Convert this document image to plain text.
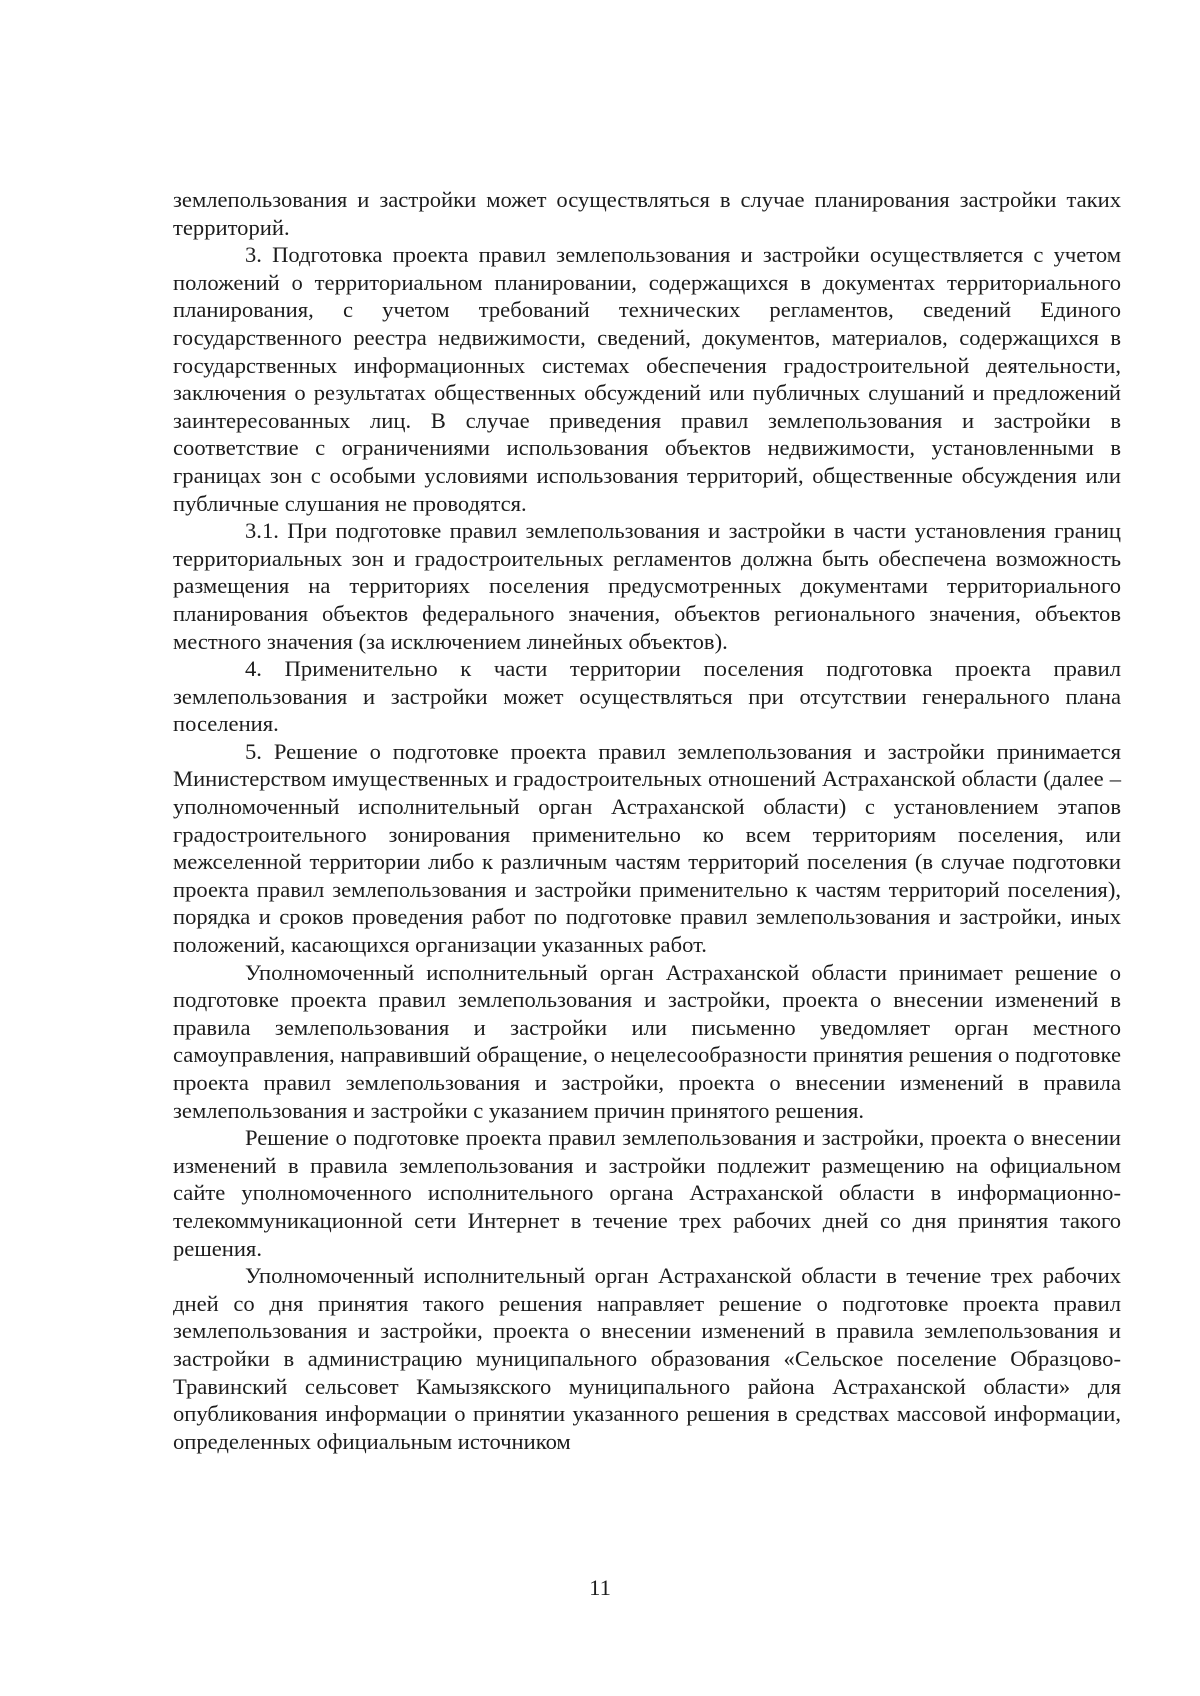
землепользования и застройки может осуществляться в случае планирования застройки таких территорий.

3. Подготовка проекта правил землепользования и застройки осуществляется с учетом положений о территориальном планировании, содержащихся в документах территориального планирования, с учетом требований технических регламентов, сведений Единого государственного реестра недвижимости, сведений, документов, материалов, содержащихся в государственных информационных системах обеспечения градостроительной деятельности, заключения о результатах общественных обсуждений или публичных слушаний и предложений заинтересованных лиц. В случае приведения правил землепользования и застройки в соответствие с ограничениями использования объектов недвижимости, установленными в границах зон с особыми условиями использования территорий, общественные обсуждения или публичные слушания не проводятся.

3.1. При подготовке правил землепользования и застройки в части установления границ территориальных зон и градостроительных регламентов должна быть обеспечена возможность размещения на территориях поселения предусмотренных документами территориального планирования объектов федерального значения, объектов регионального значения, объектов местного значения (за исключением линейных объектов).

4. Применительно к части территории поселения подготовка проекта правил землепользования и застройки может осуществляться при отсутствии генерального плана поселения.

5. Решение о подготовке проекта правил землепользования и застройки принимается Министерством имущественных и градостроительных отношений Астраханской области (далее – уполномоченный исполнительный орган Астраханской области) с установлением этапов градостроительного зонирования применительно ко всем территориям поселения, или межселенной территории либо к различным частям территорий поселения (в случае подготовки проекта правил землепользования и застройки применительно к частям территорий поселения), порядка и сроков проведения работ по подготовке правил землепользования и застройки, иных положений, касающихся организации указанных работ.

Уполномоченный исполнительный орган Астраханской области принимает решение о подготовке проекта правил землепользования и застройки, проекта о внесении изменений в правила землепользования и застройки или письменно уведомляет орган местного самоуправления, направивший обращение, о нецелесообразности принятия решения о подготовке проекта правил землепользования и застройки, проекта о внесении изменений в правила землепользования и застройки с указанием причин принятого решения.

Решение о подготовке проекта правил землепользования и застройки, проекта о внесении изменений в правила землепользования и застройки подлежит размещению на официальном сайте уполномоченного исполнительного органа Астраханской области в информационно-телекоммуникационной сети Интернет в течение трех рабочих дней со дня принятия такого решения.

Уполномоченный исполнительный орган Астраханской области в течение трех рабочих дней со дня принятия такого решения направляет решение о подготовке проекта правил землепользования и застройки, проекта о внесении изменений в правила землепользования и застройки в администрацию муниципального образования «Сельское поселение Образцово-Травинский сельсовет Камызякского муниципального района Астраханской области» для опубликования информации о принятии указанного решения в средствах массовой информации, определенных официальным источником

11
